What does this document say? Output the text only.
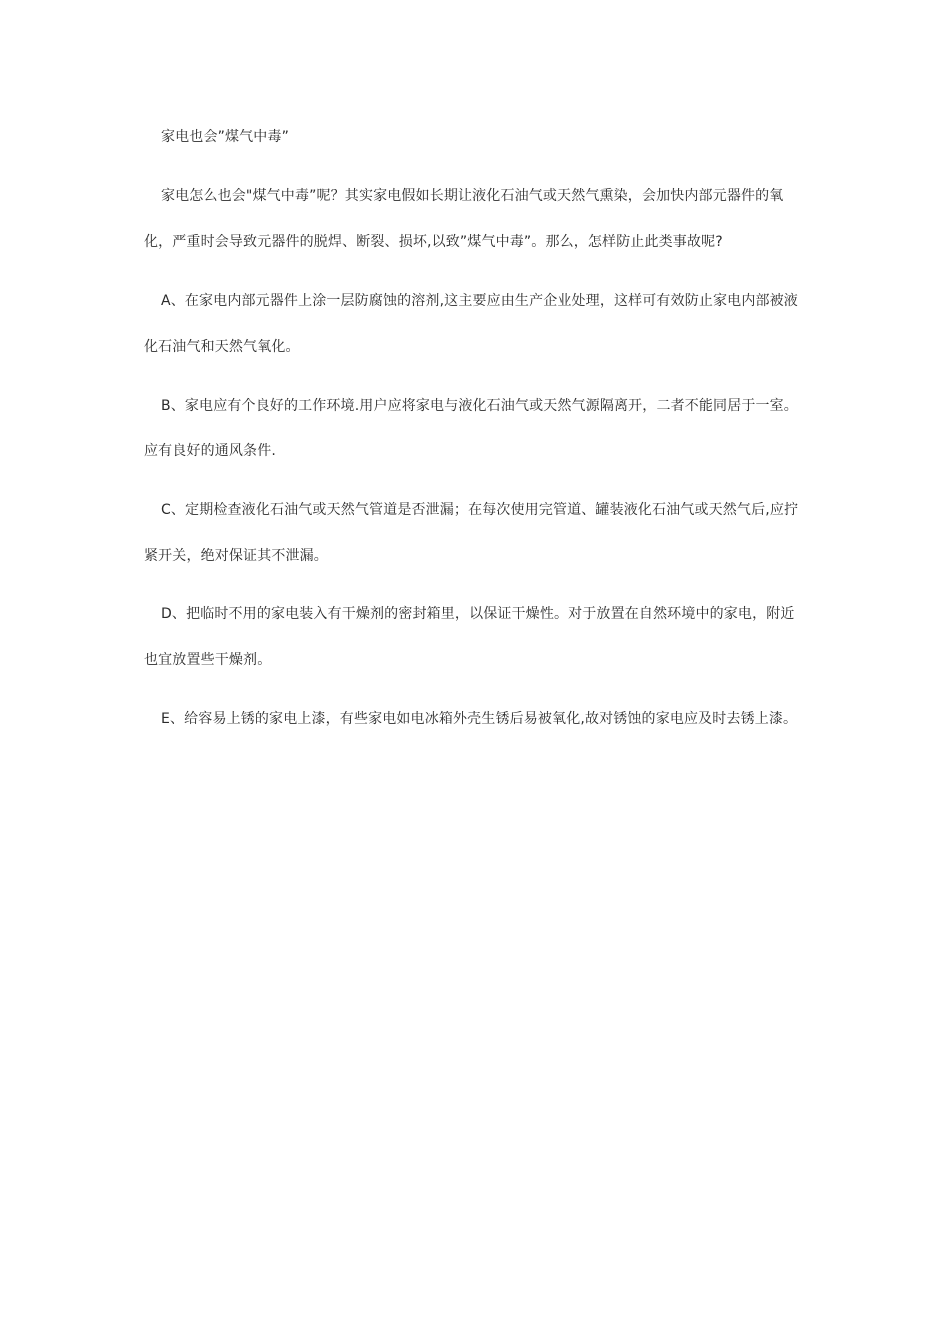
家电也会”煤气中毒”
家电怎么也会"煤气中毒”呢？其实家电假如长期让液化石油气或天然气熏染，会加快内部元器件的氧
化，严重时会导致元器件的脱焊、断裂、损坏,以致”煤气中毒”。那么，怎样防止此类事故呢?
A、在家电内部元器件上涂一层防腐蚀的溶剂,这主要应由生产企业处理，这样可有效防止家电内部被液
化石油气和天然气氧化。
B、家电应有个良好的工作环境.用户应将家电与液化石油气或天然气源隔离开，二者不能同居于一室。
应有良好的通风条件.
C、定期检查液化石油气或天然气管道是否泄漏；在每次使用完管道、罐装液化石油气或天然气后,应拧
紧开关，绝对保证其不泄漏。
D、把临时不用的家电装入有干燥剂的密封箱里，以保证干燥性。对于放置在自然环境中的家电，附近
也宜放置些干燥剂。
E、给容易上锈的家电上漆，有些家电如电冰箱外壳生锈后易被氧化,故对锈蚀的家电应及时去锈上漆。
